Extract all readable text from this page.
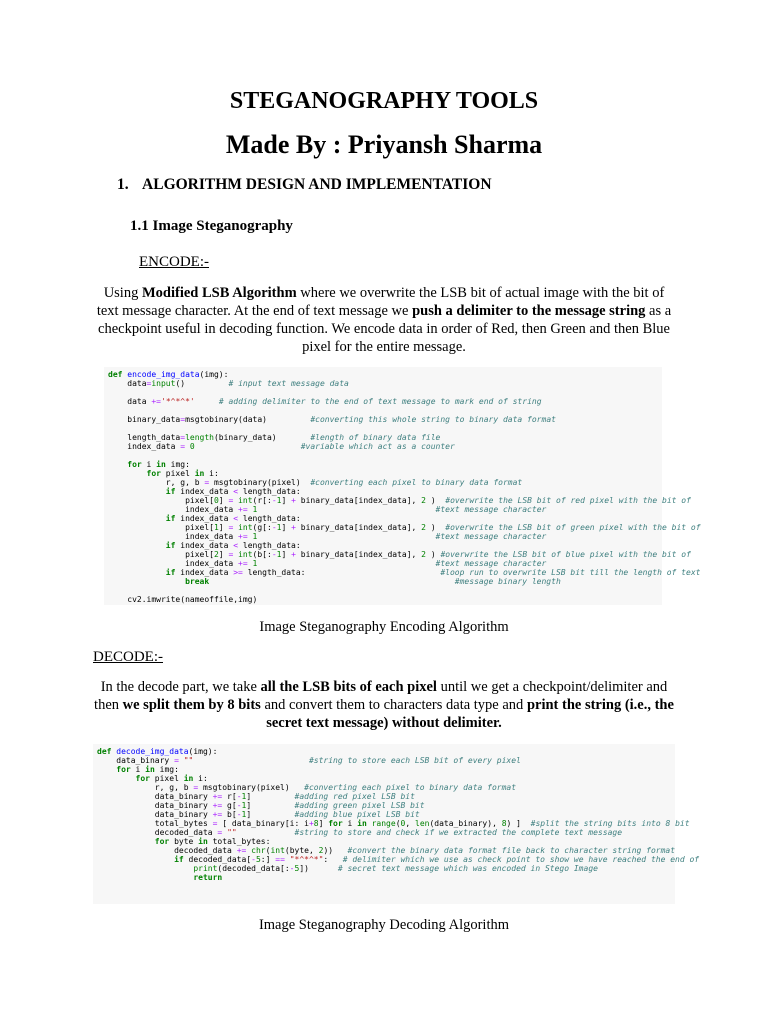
STEGANOGRAPHY TOOLS
Made By : Priyansh Sharma
1. ALGORITHM DESIGN AND IMPLEMENTATION
1.1 Image Steganography
ENCODE:-
Using Modified LSB Algorithm where we overwrite the LSB bit of actual image with the bit of text message character. At the end of text message we push a delimiter to the message string as a checkpoint useful in decoding function. We encode data in order of Red, then Green and then Blue pixel for the entire message.
def encode_img_data(img):
data=input()         # input text message data
data +='*^*^*'	# adding delimiter to the end of text message to mark end of string
binary_data=msgtobinary(data)         #converting this whole string to binary data format
length_data=length(binary_data)       #length of binary data file
index_data = 0	#variable which act as a counter
for i in img:
for pixel in i:
r, g, b = msgtobinary(pixel)  #converting each pixel to binary data format
if index_data < length_data:
pixel[0] = int(r[:-1] + binary_data[index_data], 2 )  #overwrite the LSB bit of red pixel with the bit of
index_data += 1	#text message character
if index_data < length_data:
pixel[1] = int(g[:-1] + binary_data[index_data], 2 )  #overwrite the LSB bit of green pixel with the bit of
index_data += 1	#text message character
if index_data < length_data:
pixel[2] = int(b[:-1] + binary_data[index_data], 2 ) #overwrite the LSB bit of blue pixel with the bit of
index_data += 1	#text message character
if index_data >= length_data:	#loop run to overwrite LSB bit till the length of text
break	#message binary length
cv2.imwrite(nameoffile,img)
Image Steganography Encoding Algorithm
DECODE:-
In the decode part, we take all the LSB bits of each pixel until we get a checkpoint/delimiter and then we split them by 8 bits and convert them to characters data type and print the string (i.e., the secret text message) without delimiter.
def decode_img_data(img):
data_binary = ""	#string to store each LSB bit of every pixel
for i in img:
for pixel in i:
r, g, b = msgtobinary(pixel)   #converting each pixel to binary data format
data_binary += r[-1]         #adding red pixel LSB bit
data_binary += g[-1]         #adding green pixel LSB bit
data_binary += b[-1]         #adding blue pixel LSB bit
total_bytes = [ data_binary[i: i+8] for i in range(0, len(data_binary), 8) ]  #split the string bits into 8 bit
decoded_data = ""	#string to store and check if we extracted the complete text message
for byte in total_bytes:
decoded_data += chr(int(byte, 2))   #convert the binary data format file back to character string format
if decoded_data[-5:] == "*^*^*":   # delimiter which we use as check point to show we have reached the end of
print(decoded_data[:-5])      # secret text message which was encoded in Stego Image
return
Image Steganography Decoding Algorithm
